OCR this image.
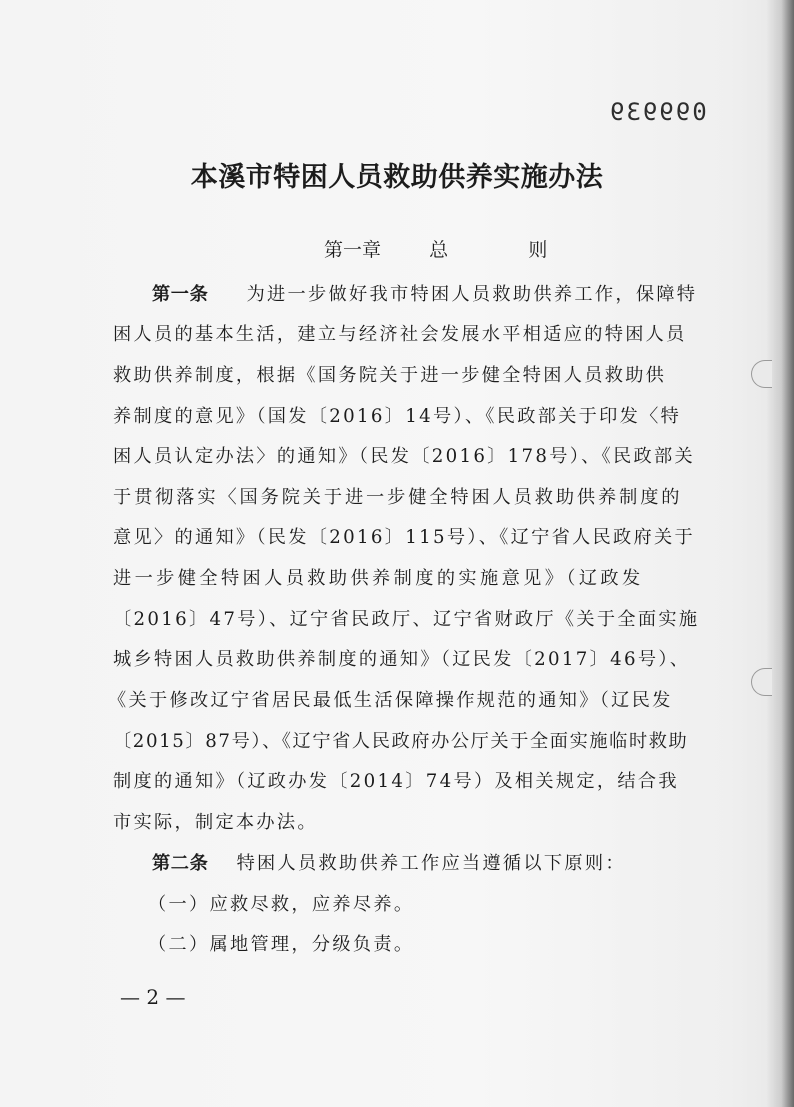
099939
本溪市特困人员救助供养实施办法
第一章   总     则
第一条 为进一步做好我市特困人员救助供养工作，保障特
困人员的基本生活，建立与经济社会发展水平相适应的特困人员
救助供养制度，根据《国务院关于进一步健全特困人员救助供
养制度的意见》（国发〔2016〕14号）、《民政部关于印发〈特
困人员认定办法〉的通知》（民发〔2016〕178号）、《民政部关
于贯彻落实〈国务院关于进一步健全特困人员救助供养制度的
意见〉的通知》（民发〔2016〕115号）、《辽宁省人民政府关于
进一步健全特困人员救助供养制度的实施意见》（辽政发
〔2016〕47号）、辽宁省民政厅、辽宁省财政厅《关于全面实施
城乡特困人员救助供养制度的通知》（辽民发〔2017〕46号）、
《关于修改辽宁省居民最低生活保障操作规范的通知》（辽民发
〔2015〕87号）、《辽宁省人民政府办公厅关于全面实施临时救助
制度的通知》（辽政办发〔2014〕74号）及相关规定，结合我
市实际，制定本办法。
第二条 特困人员救助供养工作应当遵循以下原则：
（一）应救尽救，应养尽养。
（二）属地管理，分级负责。
— 2 —
